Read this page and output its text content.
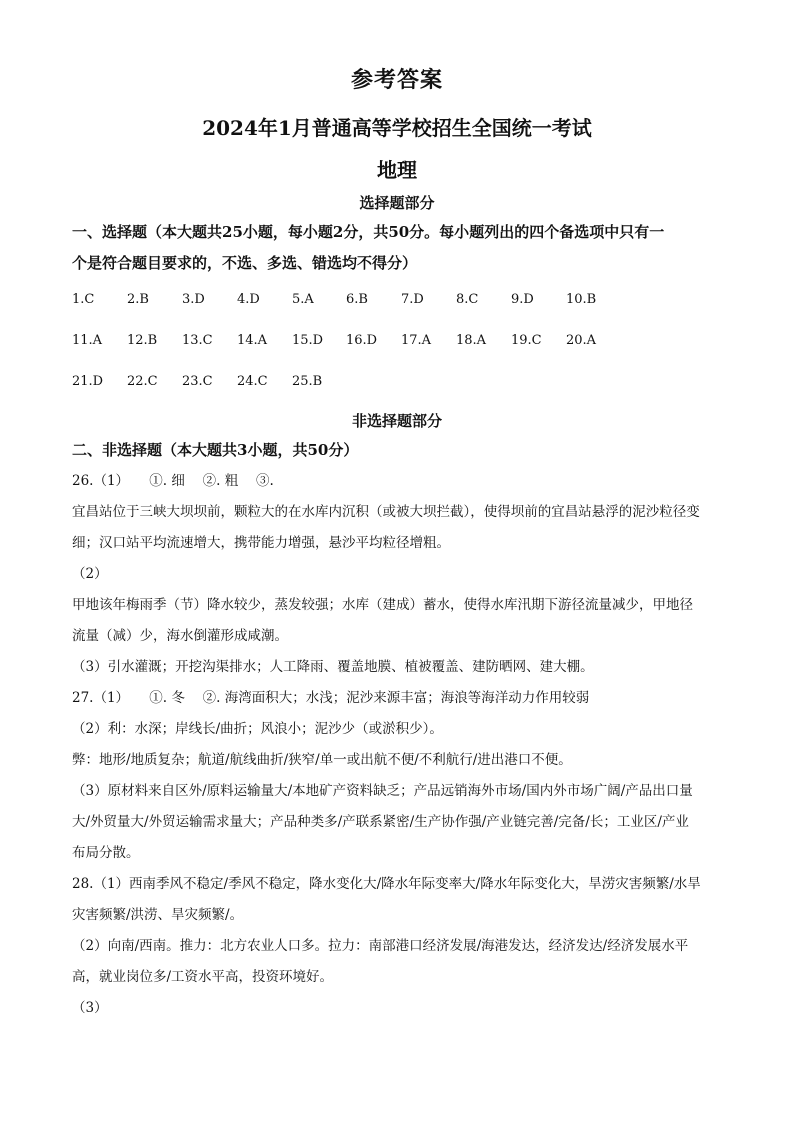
参考答案
2024年1月普通高等学校招生全国统一考试
地理
选择题部分
一、选择题（本大题共25小题，每小题2分，共50分。每小题列出的四个备选项中只有一
个是符合题目要求的，不选、多选、错选均不得分）
1.C	2.B	3.D 4.D 5.A 6.B	7.D 8.C	9.D 10.B
11.A 12.B 13.C 14.A 15.D 16.D 17.A 18.A 19.C 20.A
21.D 22.C 23.C 24.C 25.B
非选择题部分
二、非选择题（本大题共3小题，共50分）
26.（1）　　①. 细　 ②. 粗　 ③.
宜昌站位于三峡大坝坝前，颗粒大的在水库内沉积（或被大坝拦截），使得坝前的宜昌站悬浮的泥沙粒径变
细；汉口站平均流速增大，携带能力增强，悬沙平均粒径增粗。
（2）
甲地该年梅雨季（节）降水较少，蒸发较强；水库（建成）蓄水，使得水库汛期下游径流量减少，甲地径
流量（减）少，海水倒灌形成咸潮。
（3）引水灌溉；开挖沟渠排水；人工降雨、覆盖地膜、植被覆盖、建防晒网、建大棚。
27.（1）　　①. 冬　 ②. 海湾面积大；水浅；泥沙来源丰富；海浪等海洋动力作用较弱
（2）利：水深；岸线长/曲折；风浪小；泥沙少（或淤积少）。
弊：地形/地质复杂；航道/航线曲折/狭窄/单一或出航不便/不利航行/进出港口不便。
（3）原材料来自区外/原料运输量大/本地矿产资料缺乏；产品远销海外市场/国内外市场广阔/产品出口量
大/外贸量大/外贸运输需求量大；产品种类多/产联系紧密/生产协作强/产业链完善/完备/长；工业区/产业
布局分散。
28.（1）西南季风不稳定/季风不稳定，降水变化大/降水年际变率大/降水年际变化大，旱涝灾害频繁/水旱
灾害频繁/洪涝、旱灾频繁/。
（2）向南/西南。推力：北方农业人口多。拉力：南部港口经济发展/海港发达，经济发达/经济发展水平
高，就业岗位多/工资水平高，投资环境好。
（3）
